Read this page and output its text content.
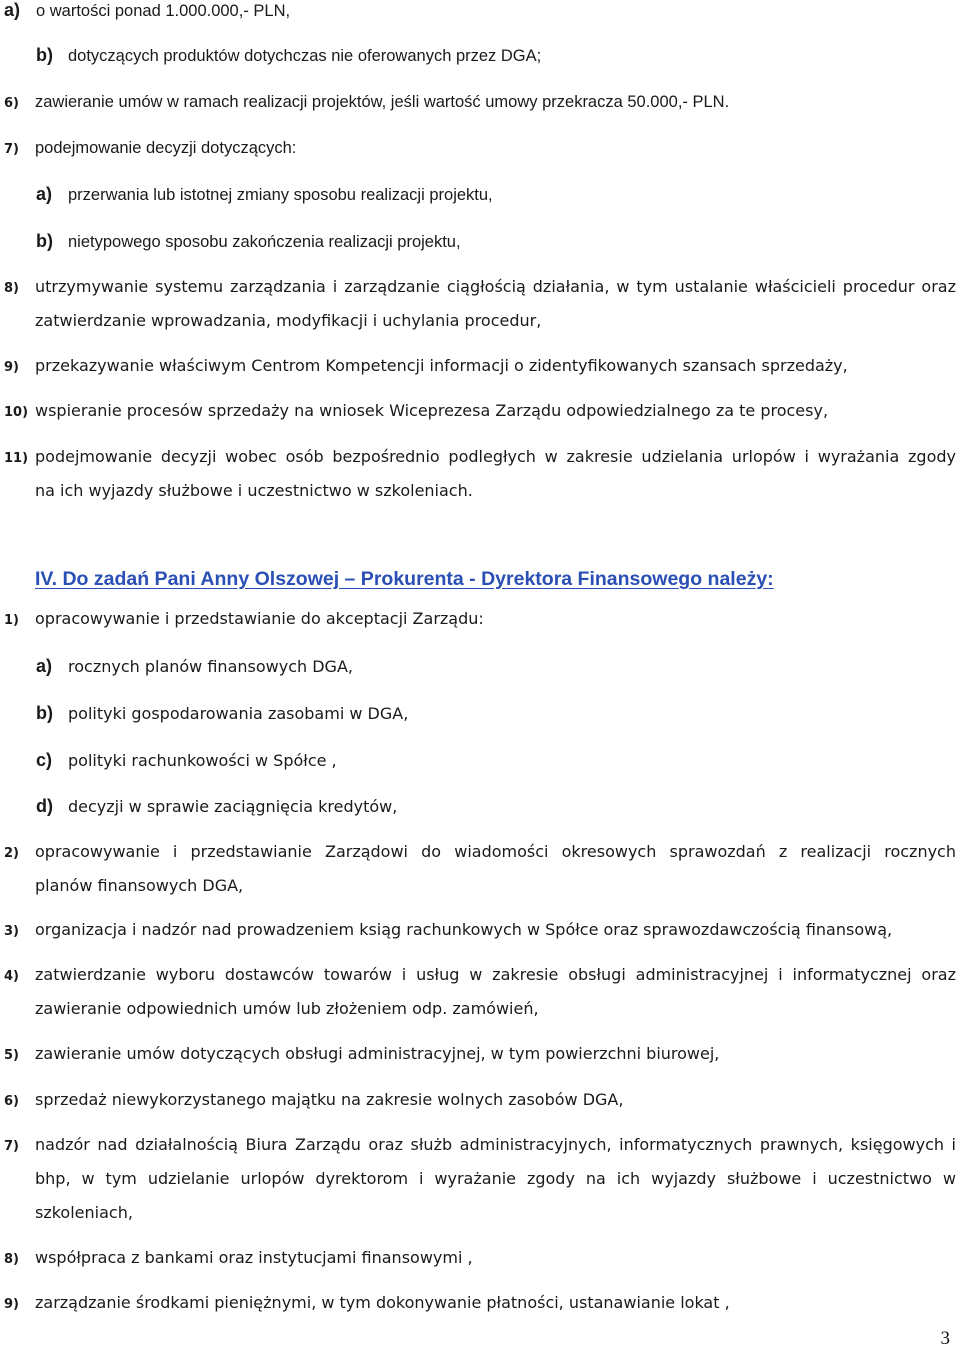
a) o wartości ponad 1.000.000,- PLN,
b) dotyczących produktów dotychczas nie oferowanych przez DGA;
6) zawieranie umów w ramach realizacji projektów, jeśli wartość umowy przekracza 50.000,- PLN.
7) podejmowanie decyzji dotyczących:
a) przerwania lub istotnej zmiany sposobu realizacji projektu,
b) nietypowego sposobu zakończenia realizacji projektu,
8) utrzymywanie systemu zarządzania i zarządzanie ciągłością działania, w tym ustalanie właścicieli procedur oraz
zatwierdzanie wprowadzania, modyfikacji i uchylania procedur,
9) przekazywanie właściwym Centrom Kompetencji informacji o zidentyfikowanych szansach sprzedaży,
10) wspieranie procesów sprzedaży na wniosek Wiceprezesa Zarządu odpowiedzialnego za te procesy,
11) podejmowanie decyzji wobec osób bezpośrednio podległych w zakresie udzielania urlopów i wyrażania zgody
na ich wyjazdy służbowe i uczestnictwo w szkoleniach.
IV. Do zadań Pani Anny Olszowej – Prokurenta - Dyrektora Finansowego należy:
1) opracowywanie i przedstawianie do akceptacji Zarządu:
a) rocznych planów finansowych DGA,
b) polityki gospodarowania zasobami w DGA,
c) polityki rachunkowości w Spółce ,
d) decyzji w sprawie zaciągnięcia kredytów,
2) opracowywanie i przedstawianie Zarządowi do wiadomości okresowych sprawozdań z realizacji rocznych
planów finansowych DGA,
3) organizacja i nadzór nad prowadzeniem ksiąg rachunkowych w Spółce oraz sprawozdawczością finansową,
4) zatwierdzanie wyboru dostawców towarów i usług w zakresie obsługi administracyjnej i informatycznej oraz
zawieranie odpowiednich umów lub złożeniem odp. zamówień,
5) zawieranie umów dotyczących obsługi administracyjnej, w tym powierzchni biurowej,
6) sprzedaż niewykorzystanego majątku na zakresie wolnych zasobów DGA,
7) nadzór nad działalnością Biura Zarządu oraz służb administracyjnych, informatycznych prawnych, księgowych i
bhp, w tym udzielanie urlopów dyrektorom i wyrażanie zgody na ich wyjazdy służbowe i uczestnictwo w
szkoleniach,
8) współpraca z bankami oraz instytucjami finansowymi ,
9) zarządzanie środkami pieniężnymi, w tym dokonywanie płatności, ustanawianie lokat ,
3
